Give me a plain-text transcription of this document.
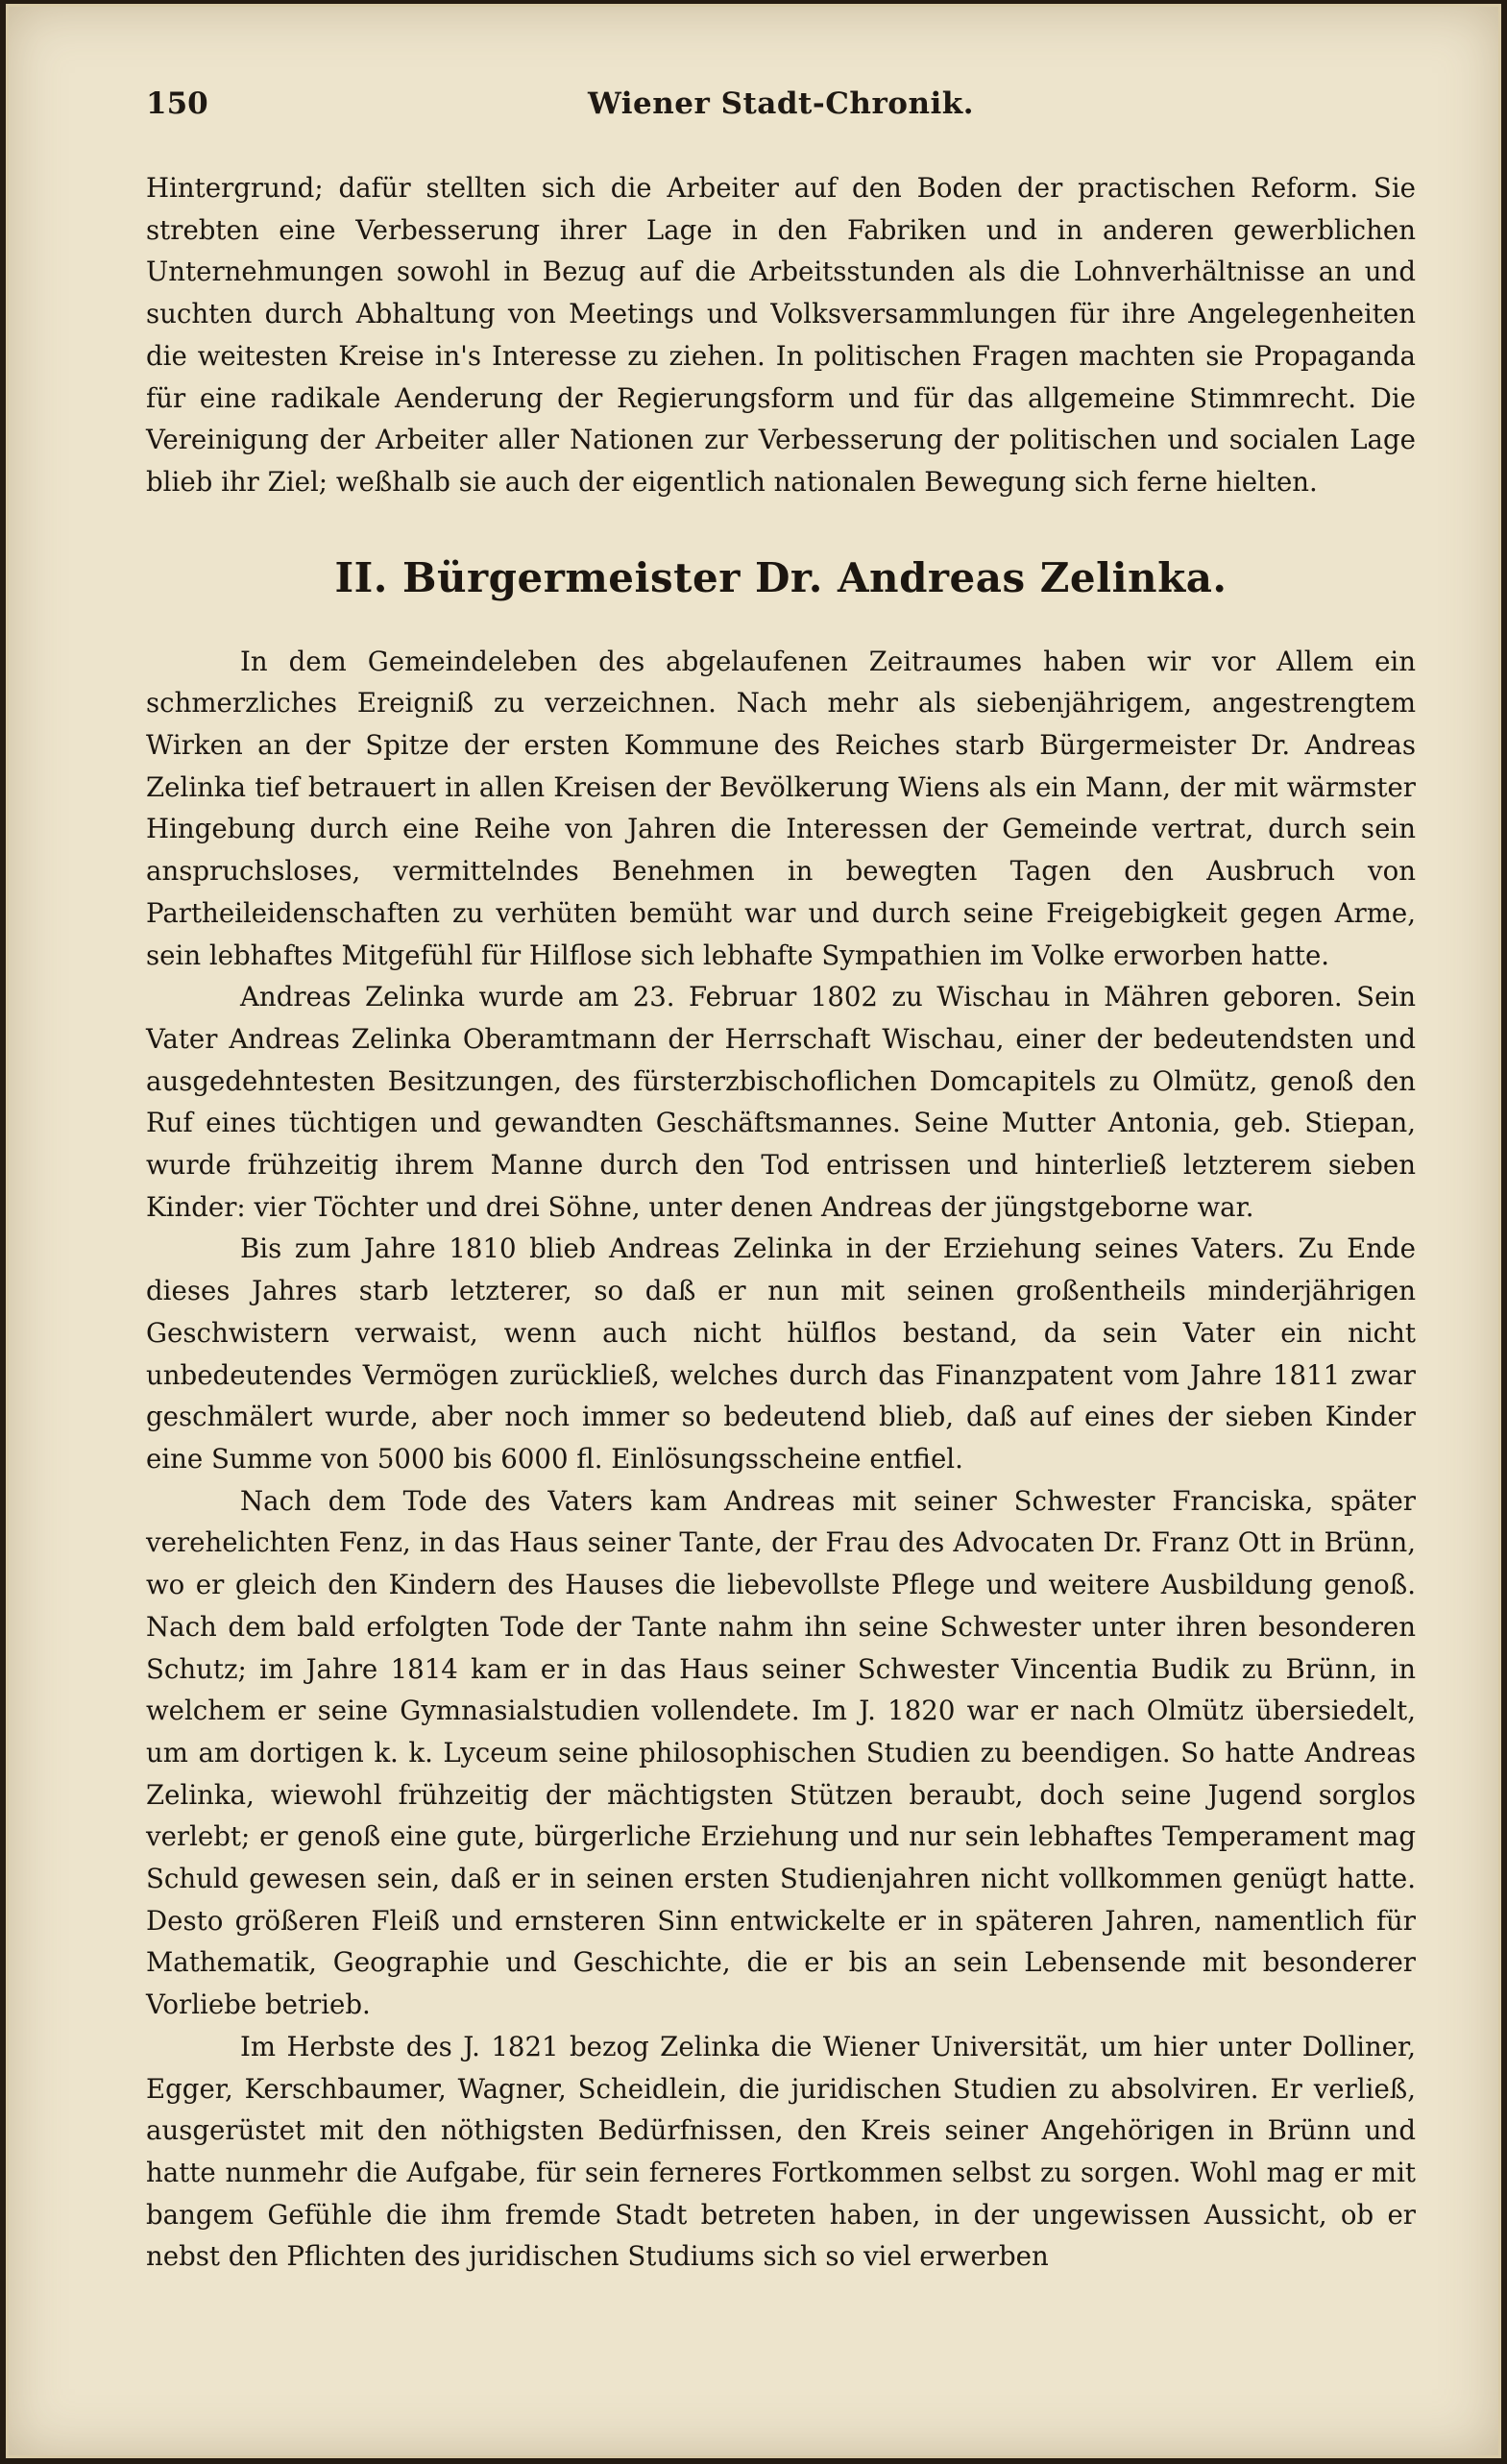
150	Wiener Stadt-Chronik.

Hintergrund; dafür stellten sich die Arbeiter auf den Boden der practischen Reform. Sie strebten eine Verbesserung ihrer Lage in den Fabriken und in anderen gewerblichen Unternehmungen sowohl in Bezug auf die Arbeitsstunden als die Lohnverhältnisse an und suchten durch Abhaltung von Meetings und Volksversammlungen für ihre Angelegenheiten die weitesten Kreise in's Interesse zu ziehen. In politischen Fragen machten sie Propaganda für eine radikale Aenderung der Regierungsform und für das allgemeine Stimmrecht. Die Vereinigung der Arbeiter aller Nationen zur Verbesserung der politischen und socialen Lage blieb ihr Ziel; weßhalb sie auch der eigentlich nationalen Bewegung sich ferne hielten.

II. Bürgermeister Dr. Andreas Zelinka.

In dem Gemeindeleben des abgelaufenen Zeitraumes haben wir vor Allem ein schmerzliches Ereigniß zu verzeichnen. Nach mehr als siebenjährigem, angestrengtem Wirken an der Spitze der ersten Kommune des Reiches starb Bürgermeister Dr. Andreas Zelinka tief betrauert in allen Kreisen der Bevölkerung Wiens als ein Mann, der mit wärmster Hingebung durch eine Reihe von Jahren die Interessen der Gemeinde vertrat, durch sein anspruchsloses, vermittelndes Benehmen in bewegten Tagen den Ausbruch von Partheileidenschaften zu verhüten bemüht war und durch seine Freigebigkeit gegen Arme, sein lebhaftes Mitgefühl für Hilflose sich lebhafte Sympathien im Volke erworben hatte.

Andreas Zelinka wurde am 23. Februar 1802 zu Wischau in Mähren geboren. Sein Vater Andreas Zelinka Oberamtmann der Herrschaft Wischau, einer der bedeutendsten und ausgedehntesten Besitzungen, des fürsterzbischoflichen Domcapitels zu Olmütz, genoß den Ruf eines tüchtigen und gewandten Geschäftsmannes. Seine Mutter Antonia, geb. Stiepan, wurde frühzeitig ihrem Manne durch den Tod entrissen und hinterließ letzterem sieben Kinder: vier Töchter und drei Söhne, unter denen Andreas der jüngstgeborne war.

Bis zum Jahre 1810 blieb Andreas Zelinka in der Erziehung seines Vaters. Zu Ende dieses Jahres starb letzterer, so daß er nun mit seinen großentheils minderjährigen Geschwistern verwaist, wenn auch nicht hülflos bestand, da sein Vater ein nicht unbedeutendes Vermögen zurückließ, welches durch das Finanzpatent vom Jahre 1811 zwar geschmälert wurde, aber noch immer so bedeutend blieb, daß auf eines der sieben Kinder eine Summe von 5000 bis 6000 fl. Einlösungsscheine entfiel.

Nach dem Tode des Vaters kam Andreas mit seiner Schwester Franciska, später verehelichten Fenz, in das Haus seiner Tante, der Frau des Advocaten Dr. Franz Ott in Brünn, wo er gleich den Kindern des Hauses die liebevollste Pflege und weitere Ausbildung genoß. Nach dem bald erfolgten Tode der Tante nahm ihn seine Schwester unter ihren besonderen Schutz; im Jahre 1814 kam er in das Haus seiner Schwester Vincentia Budik zu Brünn, in welchem er seine Gymnasialstudien vollendete. Im J. 1820 war er nach Olmütz übersiedelt, um am dortigen k. k. Lyceum seine philosophischen Studien zu beendigen. So hatte Andreas Zelinka, wiewohl frühzeitig der mächtigsten Stützen beraubt, doch seine Jugend sorglos verlebt; er genoß eine gute, bürgerliche Erziehung und nur sein lebhaftes Temperament mag Schuld gewesen sein, daß er in seinen ersten Studienjahren nicht vollkommen genügt hatte. Desto größeren Fleiß und ernsteren Sinn entwickelte er in späteren Jahren, namentlich für Mathematik, Geographie und Geschichte, die er bis an sein Lebensende mit besonderer Vorliebe betrieb.

Im Herbste des J. 1821 bezog Zelinka die Wiener Universität, um hier unter Dolliner, Egger, Kerschbaumer, Wagner, Scheidlein, die juridischen Studien zu absolviren. Er verließ, ausgerüstet mit den nöthigsten Bedürfnissen, den Kreis seiner Angehörigen in Brünn und hatte nunmehr die Aufgabe, für sein ferneres Fortkommen selbst zu sorgen. Wohl mag er mit bangem Gefühle die ihm fremde Stadt betreten haben, in der ungewissen Aussicht, ob er nebst den Pflichten des juridischen Studiums sich so viel erwerben
